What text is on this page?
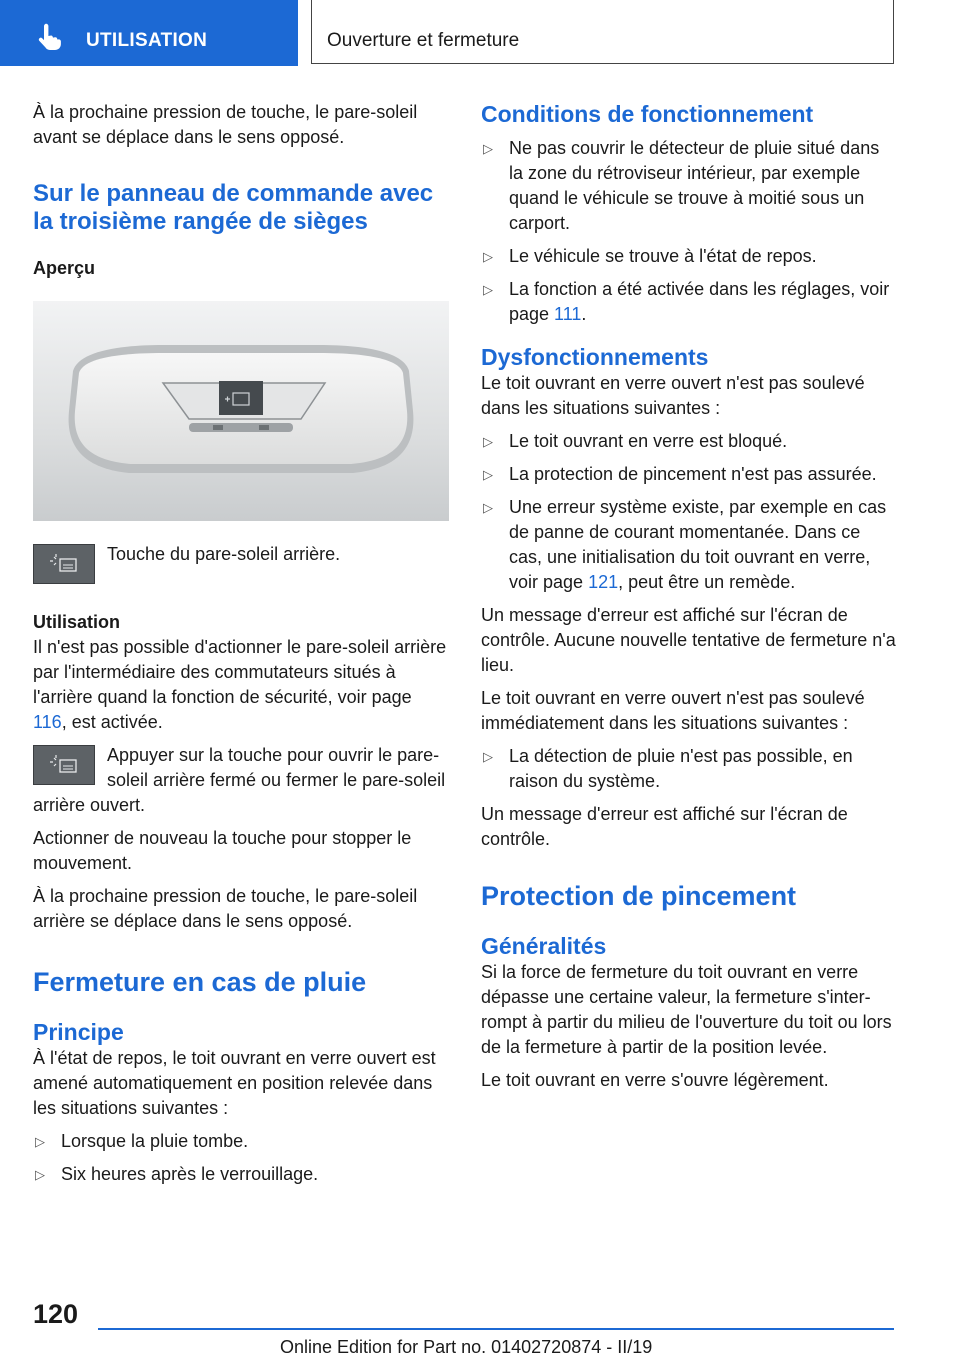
UTILISATION	Ouverture et fermeture

À la prochaine pression de touche, le pare-soleil avant se déplace dans le sens opposé.

Sur le panneau de commande avec la troisième rangée de sièges

Aperçu

Touche du pare-soleil arrière.

Utilisation

Il n'est pas possible d'actionner le pare-soleil arrière par l'intermédiaire des commutateurs situés à l'arrière quand la fonction de sécurité, voir page 116, est activée.

Appuyer sur la touche pour ouvrir le pare-soleil arrière fermé ou fermer le pare-soleil arrière ouvert.

Actionner de nouveau la touche pour stopper le mouvement.

À la prochaine pression de touche, le pare-soleil arrière se déplace dans le sens opposé.

Fermeture en cas de pluie
Principe

À l'état de repos, le toit ouvrant en verre ouvert est amené automatiquement en position relevée dans les situations suivantes :

▷ Lorsque la pluie tombe.
▷ Six heures après le verrouillage.
Conditions de fonctionnement
▷ Ne pas couvrir le détecteur de pluie situé dans la zone du rétroviseur intérieur, par exemple quand le véhicule se trouve à moitié sous un carport.
▷ Le véhicule se trouve à l'état de repos.
▷ La fonction a été activée dans les réglages, voir page 111.
Dysfonctionnements

Le toit ouvrant en verre ouvert n'est pas soulevé dans les situations suivantes :

▷ Le toit ouvrant en verre est bloqué.
▷ La protection de pincement n'est pas assurée.
▷ Une erreur système existe, par exemple en cas de panne de courant momentanée. Dans ce cas, une initialisation du toit ouvrant en verre, voir page 121, peut être un remède.

Un message d'erreur est affiché sur l'écran de contrôle. Aucune nouvelle tentative de fermeture n'a lieu.

Le toit ouvrant en verre ouvert n'est pas soulevé immédiatement dans les situations suivantes :

▷ La détection de pluie n'est pas possible, en raison du système.

Un message d'erreur est affiché sur l'écran de contrôle.

Protection de pincement
Généralités

Si la force de fermeture du toit ouvrant en verre dépasse une certaine valeur, la fermeture s'interrompt à partir du milieu de l'ouverture du toit ou lors de la fermeture à partir de la position levée.

Le toit ouvrant en verre s'ouvre légèrement.

120
Online Edition for Part no. 01402720874 - II/19
